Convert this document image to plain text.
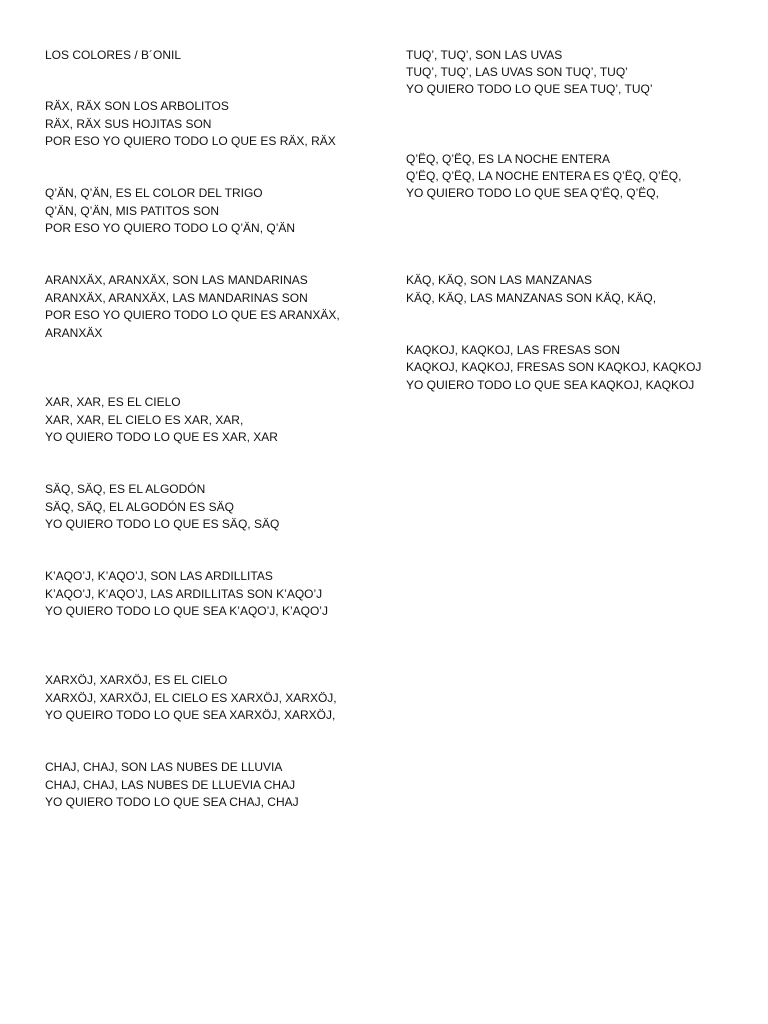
LOS COLORES / B´ONIL

RÄX, RÄX SON LOS ARBOLITOS

RÄX, RÄX SUS HOJITAS SON

POR ESO YO QUIERO TODO LO QUE ES RÄX, RÄX

Q’ÄN, Q’ÄN, ES EL COLOR DEL TRIGO

Q’ÄN, Q’ÄN, MIS PATITOS SON

POR ESO YO QUIERO TODO LO Q’ÄN, Q’ÄN

ARANXÄX, ARANXÄX, SON LAS MANDARINAS

ARANXÄX, ARANXÄX, LAS MANDARINAS SON

POR ESO YO QUIERO TODO LO QUE ES ARANXÄX,

ARANXÄX

XAR, XAR, ES EL CIELO

XAR, XAR, EL CIELO ES XAR, XAR,

YO QUIERO TODO LO QUE ES XAR, XAR

SÄQ, SÄQ, ES EL ALGODÓN

SÄQ, SÄQ, EL ALGODÓN ES SÄQ

YO QUIERO TODO LO QUE ES SÄQ, SÄQ

K’AQO’J, K’AQO’J, SON LAS ARDILLITAS

K’AQO’J, K’AQO’J, LAS ARDILLITAS SON K’AQO’J

YO QUIERO TODO LO QUE SEA K’AQO’J, K’AQO’J

XARXÖJ, XARXÖJ, ES EL CIELO

XARXÖJ, XARXÖJ, EL CIELO ES XARXÖJ, XARXÖJ,

YO QUEIRO TODO LO QUE SEA XARXÖJ, XARXÖJ,

CHAJ, CHAJ, SON LAS NUBES DE LLUVIA

CHAJ, CHAJ, LAS NUBES DE LLUEVIA CHAJ

YO QUIERO TODO LO QUE SEA CHAJ, CHAJ

TUQ’, TUQ’, SON LAS UVAS

TUQ’, TUQ’, LAS UVAS SON TUQ’, TUQ’

YO QUIERO TODO LO QUE SEA TUQ’, TUQ’

Q’ËQ, Q’ËQ, ES LA NOCHE ENTERA

Q’ËQ, Q’ËQ, LA NOCHE ENTERA ES Q’ËQ, Q’ËQ,

YO QUIERO TODO LO QUE SEA Q’ËQ, Q’ËQ,

KÄQ, KÄQ, SON LAS MANZANAS

KÄQ, KÄQ, LAS MANZANAS SON KÄQ, KÄQ,

KAQKOJ, KAQKOJ, LAS FRESAS SON

KAQKOJ, KAQKOJ, FRESAS SON KAQKOJ, KAQKOJ

YO QUIERO TODO LO QUE SEA KAQKOJ, KAQKOJ
